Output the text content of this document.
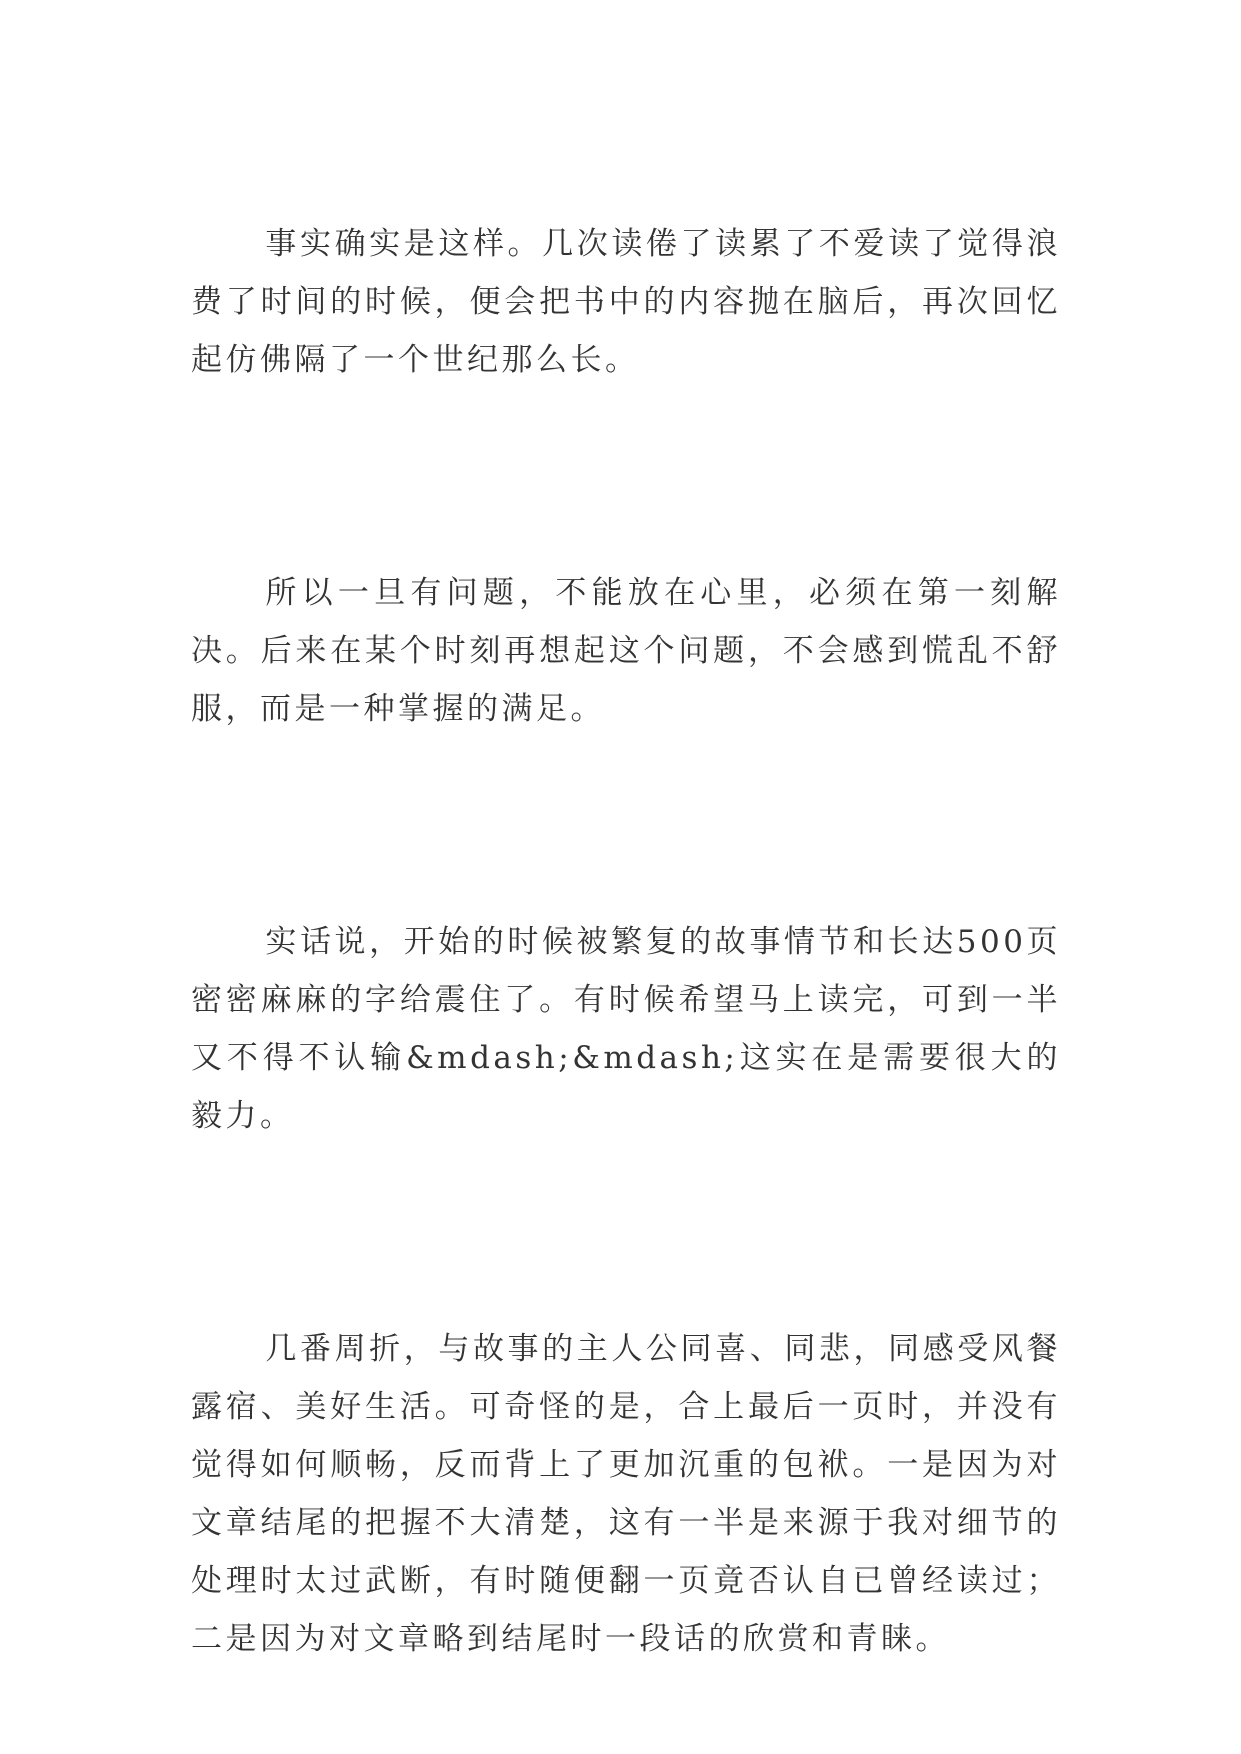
事实确实是这样。几次读倦了读累了不爱读了觉得浪费了时间的时候，便会把书中的内容抛在脑后，再次回忆起仿佛隔了一个世纪那么长。

所以一旦有问题，不能放在心里，必须在第一刻解决。后来在某个时刻再想起这个问题，不会感到慌乱不舒服，而是一种掌握的满足。

实话说，开始的时候被繁复的故事情节和长达500页密密麻麻的字给震住了。有时候希望马上读完，可到一半又不得不认输&mdash;&mdash;这实在是需要很大的毅力。

几番周折，与故事的主人公同喜、同悲，同感受风餐露宿、美好生活。可奇怪的是，合上最后一页时，并没有觉得如何顺畅，反而背上了更加沉重的包袱。一是因为对文章结尾的把握不大清楚，这有一半是来源于我对细节的处理时太过武断，有时随便翻一页竟否认自已曾经读过；二是因为对文章略到结尾时一段话的欣赏和青睐。
